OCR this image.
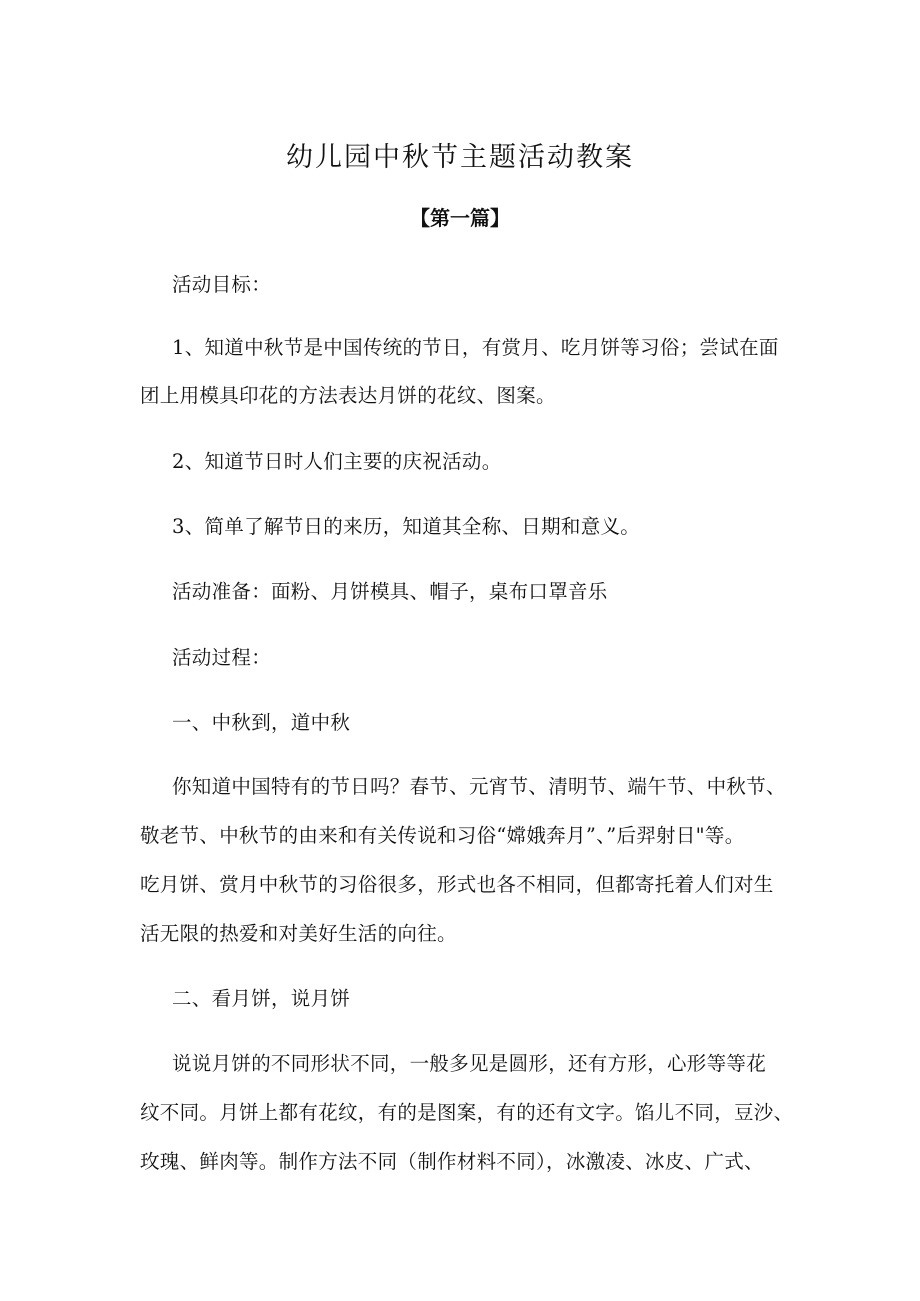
幼儿园中秋节主题活动教案
【第一篇】
活动目标：
1、知道中秋节是中国传统的节日，有赏月、吃月饼等习俗；尝试在面
团上用模具印花的方法表达月饼的花纹、图案。
2、知道节日时人们主要的庆祝活动。
3、简单了解节日的来历，知道其全称、日期和意义。
活动准备：面粉、月饼模具、帽子，桌布口罩音乐
活动过程：
一、中秋到，道中秋
你知道中国特有的节日吗？春节、元宵节、清明节、端午节、中秋节、
敬老节、中秋节的由来和有关传说和习俗“嫦娥奔月”、”后羿射日"等。
吃月饼、赏月中秋节的习俗很多，形式也各不相同，但都寄托着人们对生
活无限的热爱和对美好生活的向往。
二、看月饼，说月饼
说说月饼的不同形状不同，一般多见是圆形，还有方形，心形等等花
纹不同。月饼上都有花纹，有的是图案，有的还有文字。馅儿不同，豆沙、
玫瑰、鲜肉等。制作方法不同（制作材料不同），冰激凌、冰皮、广式、
